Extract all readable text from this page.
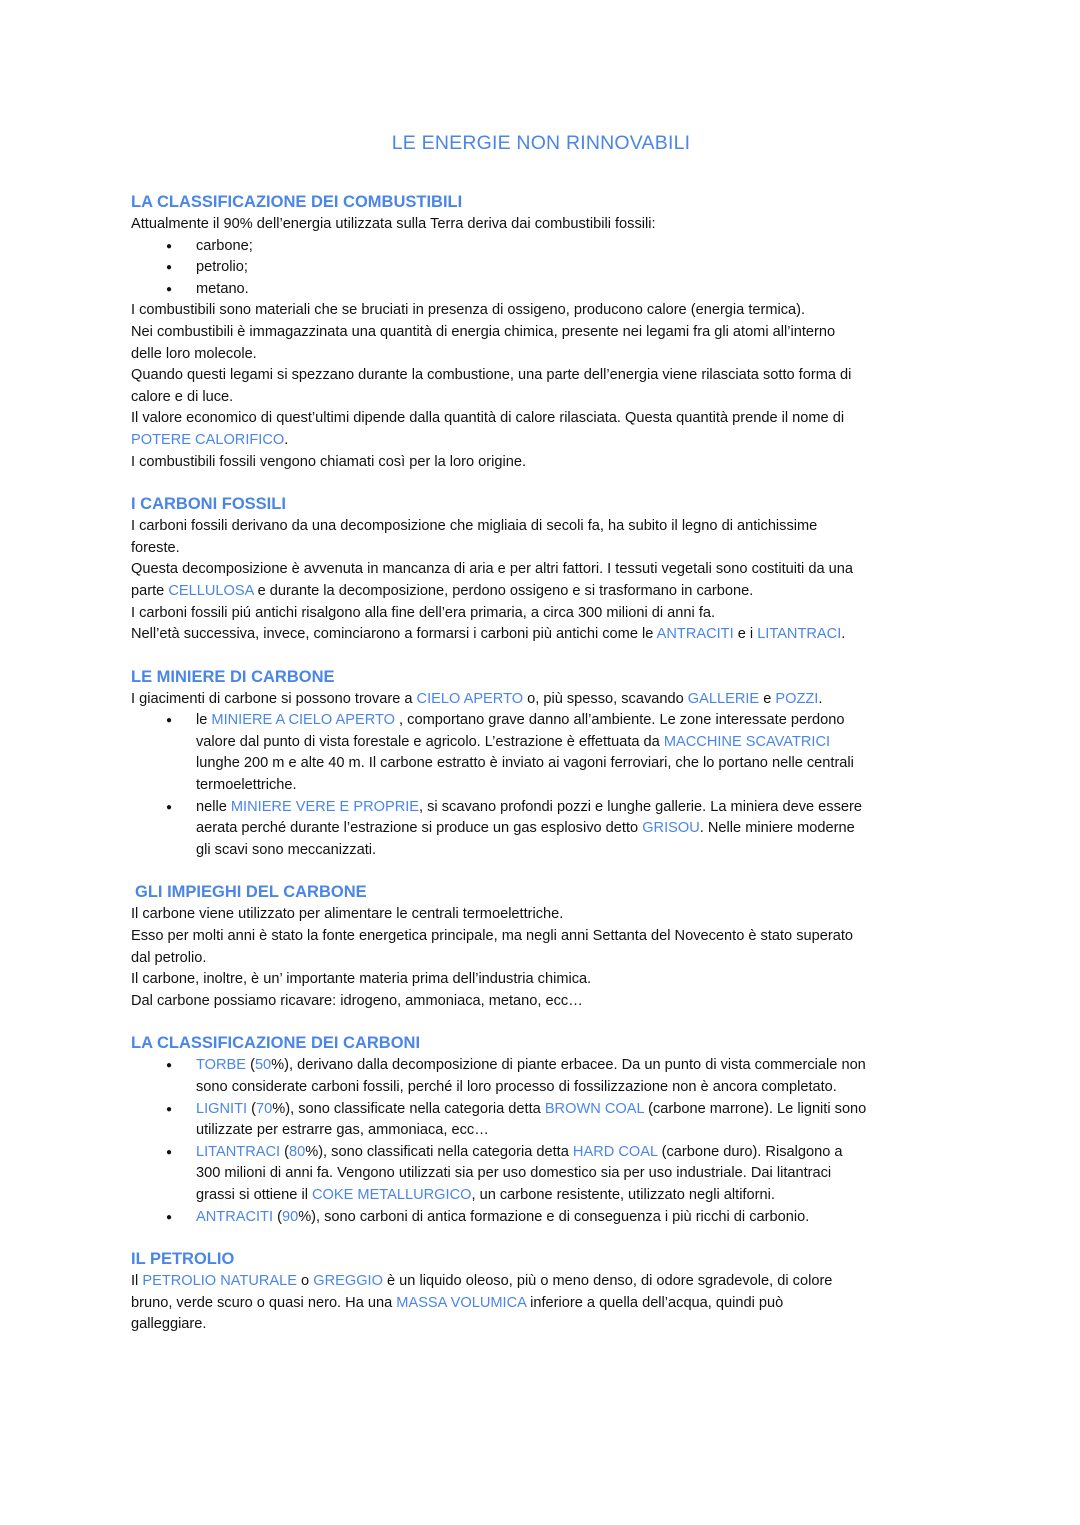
LE ENERGIE NON RINNOVABILI
LA CLASSIFICAZIONE DEI COMBUSTIBILI
Attualmente il 90% dell’energia utilizzata sulla Terra deriva dai combustibili fossili:
● carbone;
● petrolio;
● metano.
I combustibili sono materiali che se bruciati in presenza di ossigeno, producono calore (energia termica).
Nei combustibili è immagazzinata una quantità di energia chimica, presente nei legami fra gli atomi all’interno
delle loro molecole.
Quando questi legami si spezzano durante la combustione, una parte dell’energia viene rilasciata sotto forma di
calore e di luce.
Il valore economico di quest’ultimi dipende dalla quantità di calore rilasciata. Questa quantità prende il nome di
POTERE CALORIFICO.
I combustibili fossili vengono chiamati così per la loro origine.
I CARBONI FOSSILI
I carboni fossili derivano da una decomposizione che migliaia di secoli fa, ha subito il legno di antichissime
foreste.
Questa decomposizione è avvenuta in mancanza di aria e per altri fattori. I tessuti vegetali sono costituiti da una
parte CELLULOSA e durante la decomposizione, perdono ossigeno e si trasformano in carbone.
I carboni fossili piú antichi risalgono alla fine dell’era primaria, a circa 300 milioni di anni fa.
Nell’età successiva, invece, cominciarono a formarsi i carboni più antichi come le ANTRACITI e i LITANTRACI.
LE MINIERE DI CARBONE
I giacimenti di carbone si possono trovare a CIELO APERTO o, più spesso, scavando GALLERIE e POZZI.
● le MINIERE A CIELO APERTO , comportano grave danno all’ambiente. Le zone interessate perdono
valore dal punto di vista forestale e agricolo. L’estrazione è effettuata da MACCHINE SCAVATRICI
lunghe 200 m e alte 40 m. Il carbone estratto è inviato ai vagoni ferroviari, che lo portano nelle centrali
termoelettriche.
● nelle MINIERE VERE E PROPRIE, si scavano profondi pozzi e lunghe gallerie. La miniera deve essere
aerata perché durante l’estrazione si produce un gas esplosivo detto GRISOU. Nelle miniere moderne
gli scavi sono meccanizzati.
GLI IMPIEGHI DEL CARBONE
Il carbone viene utilizzato per alimentare le centrali termoelettriche.
Esso per molti anni è stato la fonte energetica principale, ma negli anni Settanta del Novecento è stato superato
dal petrolio.
Il carbone, inoltre, è un’ importante materia prima dell’industria chimica.
Dal carbone possiamo ricavare: idrogeno, ammoniaca, metano, ecc…
LA CLASSIFICAZIONE DEI CARBONI
● TORBE (50%), derivano dalla decomposizione di piante erbacee. Da un punto di vista commerciale non
sono considerate carboni fossili, perché il loro processo di fossilizzazione non è ancora completato.
● LIGNITI (70%), sono classificate nella categoria detta BROWN COAL (carbone marrone). Le ligniti sono
utilizzate per estrarre gas, ammoniaca, ecc…
● LITANTRACI (80%), sono classificati nella categoria detta HARD COAL (carbone duro). Risalgono a
300 milioni di anni fa. Vengono utilizzati sia per uso domestico sia per uso industriale. Dai litantraci
grassi si ottiene il COKE METALLURGICO, un carbone resistente, utilizzato negli altiforni.
● ANTRACITI (90%), sono carboni di antica formazione e di conseguenza i più ricchi di carbonio.
IL PETROLIO
Il PETROLIO NATURALE o GREGGIO è un liquido oleoso, più o meno denso, di odore sgradevole, di colore
bruno, verde scuro o quasi nero. Ha una MASSA VOLUMICA inferiore a quella dell’acqua, quindi può
galleggiare.
